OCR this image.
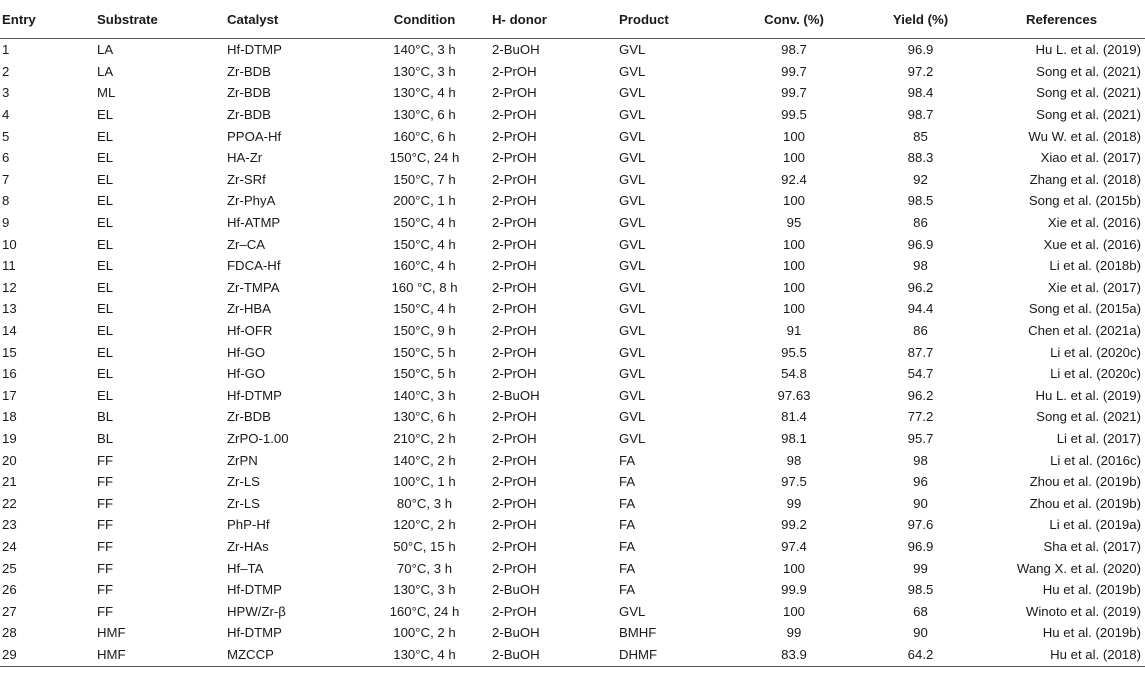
Entry	Substrate	Catalyst	Condition	H- donor	Product	Conv. (%)	Yield (%)	References
1	LA	Hf-DTMP	140°C, 3 h	2-BuOH	GVL	98.7	96.9	Hu L. et al. (2019)
2	LA	Zr-BDB	130°C, 3 h	2-PrOH	GVL	99.7	97.2	Song et al. (2021)
3	ML	Zr-BDB	130°C, 4 h	2-PrOH	GVL	99.7	98.4	Song et al. (2021)
4	EL	Zr-BDB	130°C, 6 h	2-PrOH	GVL	99.5	98.7	Song et al. (2021)
5	EL	PPOA-Hf	160°C, 6 h	2-PrOH	GVL	100	85	Wu W. et al. (2018)
6	EL	HA-Zr	150°C, 24 h	2-PrOH	GVL	100	88.3	Xiao et al. (2017)
7	EL	Zr-SRf	150°C, 7 h	2-PrOH	GVL	92.4	92	Zhang et al. (2018)
8	EL	Zr-PhyA	200°C, 1 h	2-PrOH	GVL	100	98.5	Song et al. (2015b)
9	EL	Hf-ATMP	150°C, 4 h	2-PrOH	GVL	95	86	Xie et al. (2016)
10	EL	Zr–CA	150°C, 4 h	2-PrOH	GVL	100	96.9	Xue et al. (2016)
11	EL	FDCA-Hf	160°C, 4 h	2-PrOH	GVL	100	98	Li et al. (2018b)
12	EL	Zr-TMPA	160 °C, 8 h	2-PrOH	GVL	100	96.2	Xie et al. (2017)
13	EL	Zr-HBA	150°C, 4 h	2-PrOH	GVL	100	94.4	Song et al. (2015a)
14	EL	Hf-OFR	150°C, 9 h	2-PrOH	GVL	91	86	Chen et al. (2021a)
15	EL	Hf-GO	150°C, 5 h	2-PrOH	GVL	95.5	87.7	Li et al. (2020c)
16	EL	Hf-GO	150°C, 5 h	2-PrOH	GVL	54.8	54.7	Li et al. (2020c)
17	EL	Hf-DTMP	140°C, 3 h	2-BuOH	GVL	97.63	96.2	Hu L. et al. (2019)
18	BL	Zr-BDB	130°C, 6 h	2-PrOH	GVL	81.4	77.2	Song et al. (2021)
19	BL	ZrPO-1.00	210°C, 2 h	2-PrOH	GVL	98.1	95.7	Li et al. (2017)
20	FF	ZrPN	140°C, 2 h	2-PrOH	FA	98	98	Li et al. (2016c)
21	FF	Zr-LS	100°C, 1 h	2-PrOH	FA	97.5	96	Zhou et al. (2019b)
22	FF	Zr-LS	80°C, 3 h	2-PrOH	FA	99	90	Zhou et al. (2019b)
23	FF	PhP-Hf	120°C, 2 h	2-PrOH	FA	99.2	97.6	Li et al. (2019a)
24	FF	Zr-HAs	50°C, 15 h	2-PrOH	FA	97.4	96.9	Sha et al. (2017)
25	FF	Hf–TA	70°C, 3 h	2-PrOH	FA	100	99	Wang X. et al. (2020)
26	FF	Hf-DTMP	130°C, 3 h	2-BuOH	FA	99.9	98.5	Hu et al. (2019b)
27	FF	HPW/Zr-β	160°C, 24 h	2-PrOH	GVL	100	68	Winoto et al. (2019)
28	HMF	Hf-DTMP	100°C, 2 h	2-BuOH	BMHF	99	90	Hu et al. (2019b)
29	HMF	MZCCP	130°C, 4 h	2-BuOH	DHMF	83.9	64.2	Hu et al. (2018)
